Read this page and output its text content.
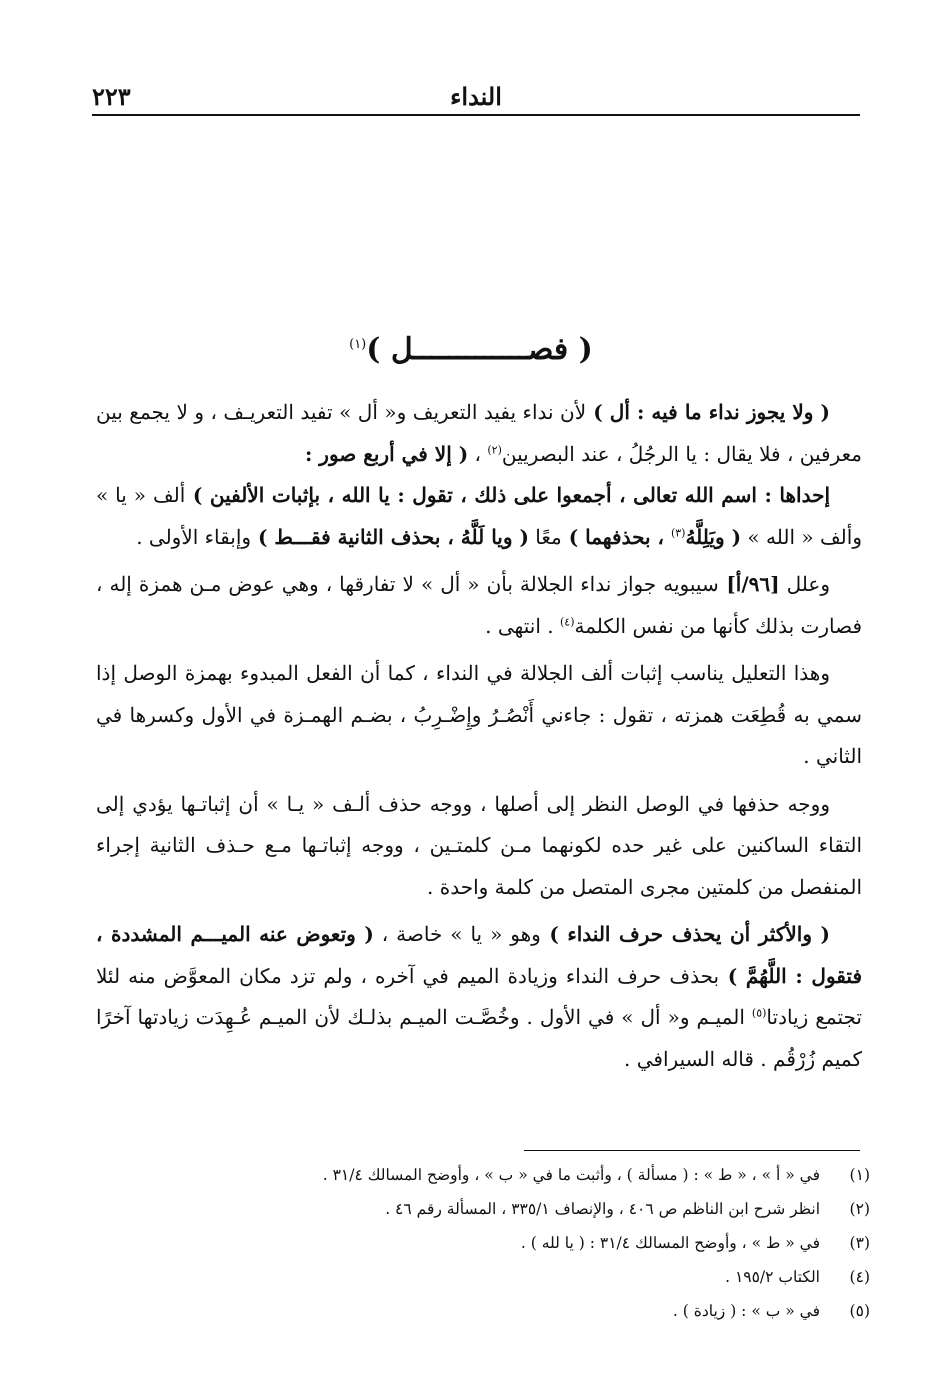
النداء
٢٢٣
( فصـــــــــــــل )$^{(١)}$

( ولا يجوز نداء ما فيه : أل ) لأن نداء يفيد التعريف و« أل » تفيد التعريـف ، و لا يجمع بين معرفين ، فلا يقال : يا الرجُلُ ، عند البصريين$^{(٢)}$ ، ( إلا في أربع صور :

إحداها : اسم الله تعالى ، أجمعوا على ذلك ، تقول : يا الله ، بإثبات الألفين ) ألف « يا » وألف « الله » ( ويَلِلَّهُ$^{(٣)}$ ، بحذفهما ) معًا ( ويا لَلَّهُ ، بحذف الثانية فقـــط ) وإبقاء الأولى .

وعلل [٩٦/أ] سيبويه جواز نداء الجلالة بأن « أل » لا تفارقها ، وهي عوض مـن همزة إله ، فصارت بذلك كأنها من نفس الكلمة$^{(٤)}$ . انتهى .

وهذا التعليل يناسب إثبات ألف الجلالة في النداء ، كما أن الفعل المبدوء بهمزة الوصل إذا سمي به قُطِعَت همزته ، تقول : جاءني أَنْصُـرُ وإِضْـرِبُ ، بضـم الهمـزة في الأول وكسرها في الثاني .

ووجه حذفها في الوصل النظر إلى أصلها ، ووجه حذف ألـف « يـا » أن إثباتـها يؤدي إلى التقاء الساكنين على غير حده لكونهما مـن كلمتـين ، ووجه إثباتـها مـع حـذف الثانية إجراء المنفصل من كلمتين مجرى المتصل من كلمة واحدة .

( والأكثر أن يحذف حرف النداء ) وهو « يا » خاصة ، ( وتعوض عنه الميـــم المشددة ، فتقول : اللَّهُمَّ ) بحذف حرف النداء وزيادة الميم في آخره ، ولم تزد مكان المعوَّض منه لئلا تجتمع زيادتا$^{(٥)}$ الميـم و« أل » في الأول . وخُصَّـت الميـم بذلـك لأن الميـم عُـهِدَت زيادتها آخرًا كميم زُرْقُم . قاله السيرافي .

(١)
في « أ » ، « ط » : ( مسألة ) ، وأثبت ما في « ب » ، وأوضح المسالك ٣١/٤ .
(٢)
انظر شرح ابن الناظم ص ٤٠٦ ، والإنصاف ٣٣٥/١ ، المسألة رقم ٤٦ .
(٣)
في « ط » ، وأوضح المسالك ٣١/٤ : ( يا لله ) .
(٤)
الكتاب ١٩٥/٢ .
(٥)
في « ب » : ( زيادة ) .
